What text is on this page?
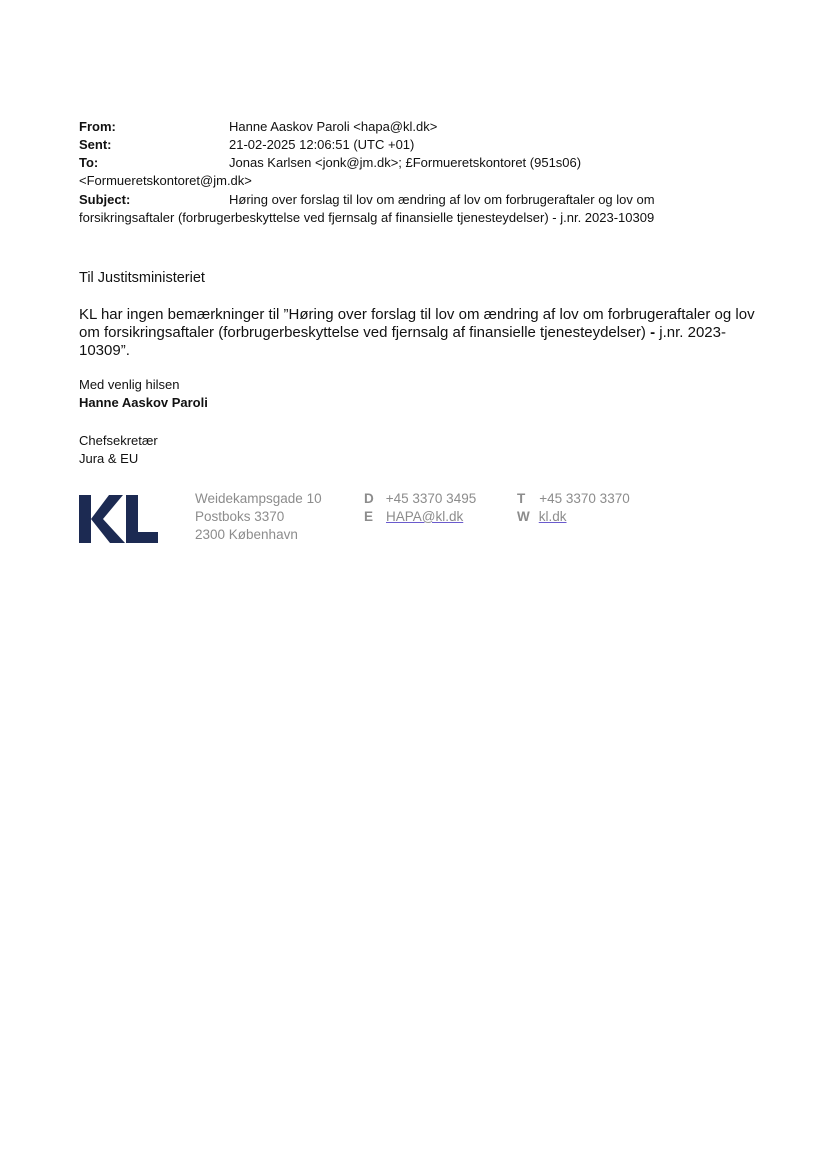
From:	Hanne Aaskov Paroli <hapa@kl.dk>
Sent:	21-02-2025 12:06:51 (UTC +01)
To:	Jonas Karlsen <jonk@jm.dk>; £Formueretskontoret (951s06)
<Formueretskontoret@jm.dk>
Subject:	Høring over forslag til lov om ændring af lov om forbrugeraftaler og lov om
forsikringsaftaler (forbrugerbeskyttelse ved fjernsalg af finansielle tjenesteydelser) - j.nr. 2023-10309
Til Justitsministeriet
KL har ingen bemærkninger til ”Høring over forslag til lov om ændring af lov om forbrugeraftaler og lov om forsikringsaftaler (forbrugerbeskyttelse ved fjernsalg af finansielle tjenesteydelser) - j.nr. 2023-10309”.
Med venlig hilsen
Hanne Aaskov Paroli
Chefsekretær
Jura & EU
Weidekampsgade 10
Postboks 3370
2300 København
D +45 3370 3495
E HAPA@kl.dk
T +45 3370 3370
W kl.dk
